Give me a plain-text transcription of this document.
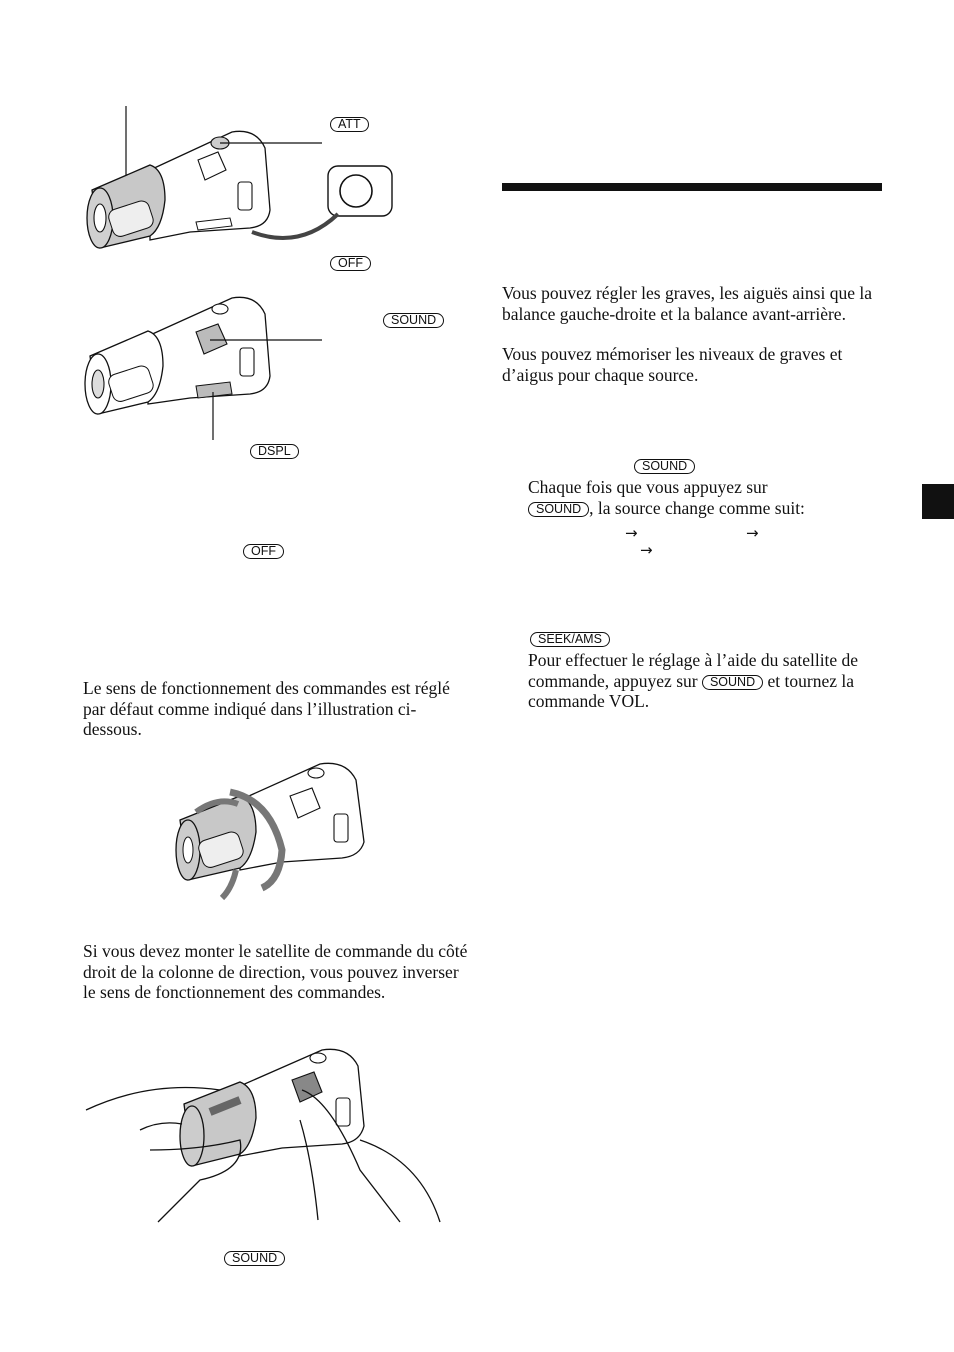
ATT
OFF
SOUND
DSPL
OFF
Le sens de fonctionnement des commandes est réglé par défaut comme indiqué dans l’illustration ci-dessous.
Si vous devez monter le satellite de commande du côté droit de la colonne de direction, vous pouvez inverser le sens de fonctionnement des commandes.
SOUND
Vous pouvez régler les graves, les aiguës ainsi que la balance gauche-droite et la balance avant-arrière.
Vous pouvez mémoriser les niveaux de graves et d’aigus pour chaque source.
SOUND
Chaque fois que vous appuyez sur
SOUND , la source change comme suit:
→	→
→
SEEK/AMS
Pour effectuer le réglage à l’aide du satellite de commande, appuyez sur SOUND et tournez la commande VOL.
